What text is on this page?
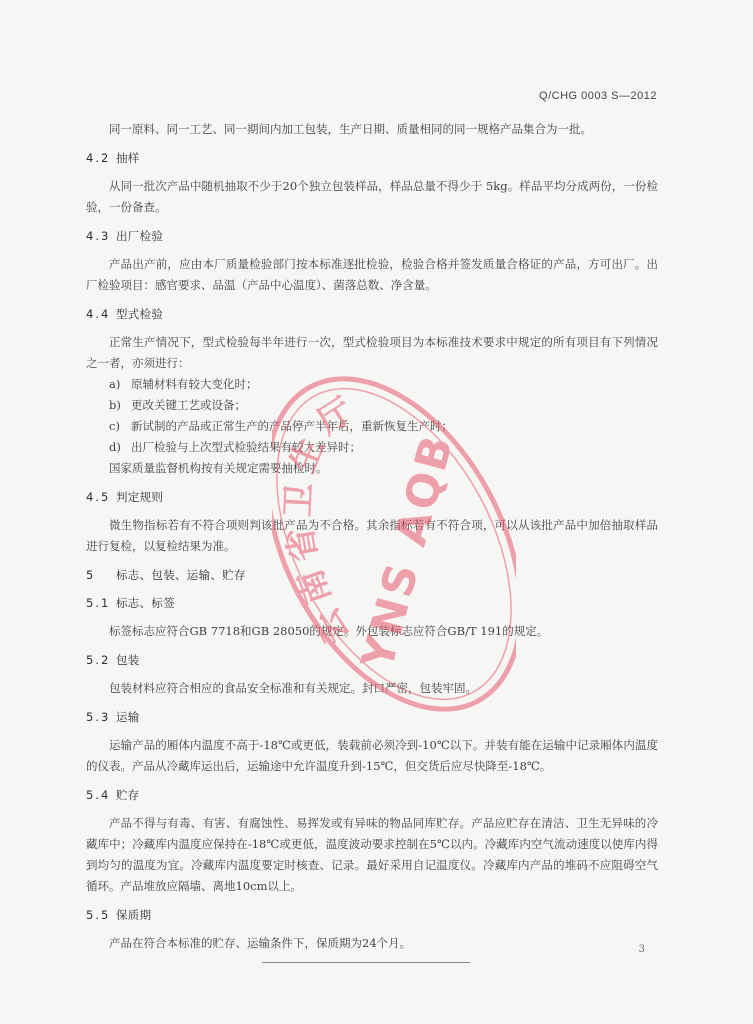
Q/CHG 0003 S—2012

同一原料、同一工艺、同一期间内加工包装，生产日期、质量相同的同一规格产品集合为一批。

4.2 抽样

从同一批次产品中随机抽取不少于20个独立包装样品，样品总量不得少于 5kg。样品平均分成两份，一份检验，一份备查。

4.3 出厂检验

产品出产前，应由本厂质量检验部门按本标准逐批检验，检验合格并签发质量合格证的产品，方可出厂。出厂检验项目：感官要求、品温（产品中心温度）、菌落总数、净含量。

4.4 型式检验

正常生产情况下，型式检验每半年进行一次，型式检验项目为本标准技术要求中规定的所有项目有下列情况之一者，亦须进行：

a) 原辅材料有较大变化时；
b) 更改关键工艺或设备；
c) 新试制的产品或正常生产的产品停产半年后，重新恢复生产时；
d) 出厂检验与上次型式检验结果有较大差异时；
国家质量监督机构按有关规定需要抽检时。
4.5 判定规则

微生物指标若有不符合项则判该批产品为不合格。其余指标若有不符合项，可以从该批产品中加倍抽取样品进行复检，以复检结果为准。

5 标志、包装、运输、贮存
5.1 标志、标签

标签标志应符合GB 7718和GB 28050的规定。外包装标志应符合GB/T 191的规定。

5.2 包装

包装材料应符合相应的食品安全标准和有关规定。封口严密，包装牢固。

5.3 运输

运输产品的厢体内温度不高于-18℃或更低，装载前必须冷到-10℃以下。并装有能在运输中记录厢体内温度的仪表。产品从冷藏库运出后，运输途中允许温度升到-15℃，但交货后应尽快降至-18℃。

5.4 贮存

产品不得与有毒、有害、有腐蚀性、易挥发或有异味的物品同库贮存。产品应贮存在清洁、卫生无异味的冷藏库中；冷藏库内温度应保持在-18℃或更低，温度波动要求控制在5℃以内。冷藏库内空气流动速度以使库内得到均匀的温度为宜。冷藏库内温度要定时核查、记录。最好采用自记温度仪。冷藏库内产品的堆码不应阻碍空气循环。产品堆放应隔墙、离地10cm以上。

5.5 保质期

产品在符合本标准的贮存、运输条件下，保质期为24个月。

云南省卫生厅
YNS AQB
3
